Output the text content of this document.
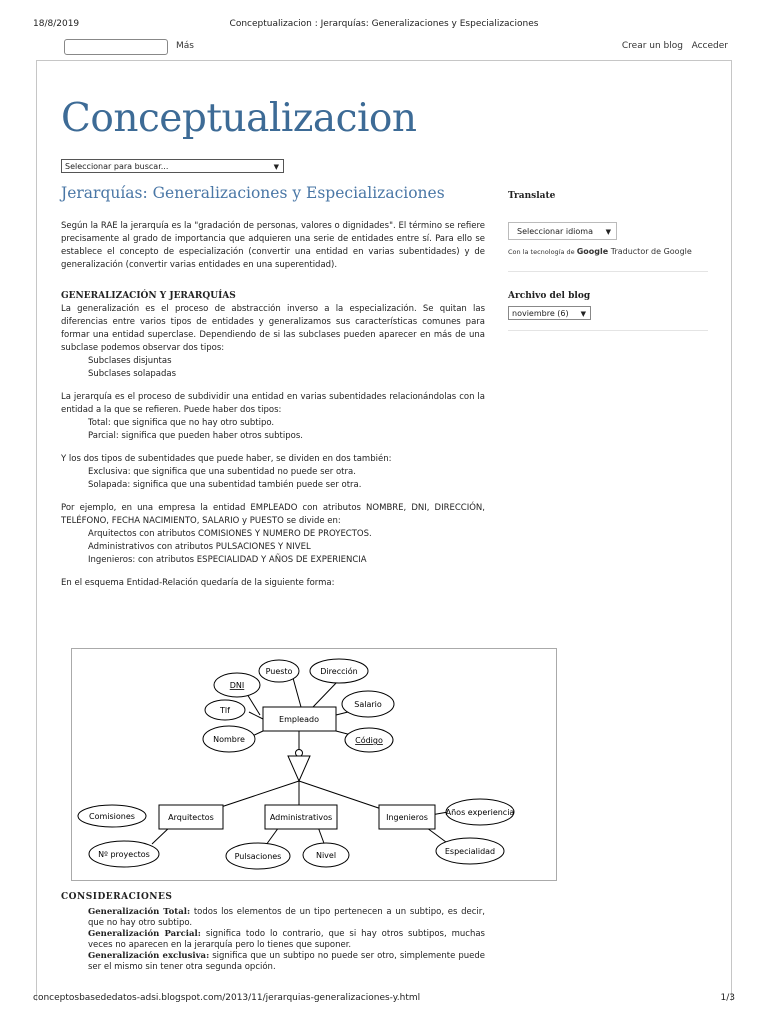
18/8/2019	Conceptualizacion : Jerarquías: Generalizaciones y Especializaciones
Más	Crear un blog Acceder
Conceptualizacion
Seleccionar para buscar...	▼
Jerarquías: Generalizaciones y Especializaciones

Según la RAE la jerarquía es la "gradación de personas, valores o dignidades". El término se refiere precisamente al grado de importancia que adquieren una serie de entidades entre sí. Para ello se establece el concepto de especialización (convertir una entidad en varias subentidades) y de generalización (convertir varias entidades en una superentidad).

GENERALIZACIÓN Y JERARQUÍAS

La generalización es el proceso de abstracción inverso a la especialización. Se quitan las diferencias entre varios tipos de entidades y generalizamos sus características comunes para formar una entidad superclase. Dependiendo de si las subclases pueden aparecer en más de una subclase podemos observar dos tipos:

Subclases disjuntas
Subclases solapadas

La jerarquía es el proceso de subdividir una entidad en varias subentidades relacionándolas con la entidad a la que se refieren. Puede haber dos tipos:

Total: que significa que no hay otro subtipo.
Parcial: significa que pueden haber otros subtipos.

Y los dos tipos de subentidades que puede haber, se dividen en dos también:

Exclusiva: que significa que una subentidad no puede ser otra.
Solapada: significa que una subentidad también puede ser otra.

Por ejemplo, en una empresa la entidad EMPLEADO con atributos NOMBRE, DNI, DIRECCIÓN, TELÉFONO, FECHA NACIMIENTO, SALARIO y PUESTO se divide en:

Arquitectos con atributos COMISIONES Y NUMERO DE PROYECTOS.
Administrativos con atributos PULSACIONES Y NIVEL
Ingenieros: con atributos ESPECIALIDAD Y AÑOS DE EXPERIENCIA

En el esquema Entidad-Relación quedaría de la siguiente forma:

Empleado
Arquitectos	Administrativos	Ingenieros
Puesto	Dirección
DNI
Tlf
Salario
Nombre	Código
Comisiones
Nº proyectos	Pulsaciones	Nivel
Años experiencia
Especialidad
CONSIDERACIONES
Generalización Total: todos los elementos de un tipo pertenecen a un subtipo, es decir, que no hay otro subtipo.
Generalización Parcial: significa todo lo contrario, que si hay otros subtipos, muchas veces no aparecen en la jerarquía pero lo tienes que suponer.
Generalización exclusiva: significa que un subtipo no puede ser otro, simplemente puede ser el mismo sin tener otra segunda opción.
Translate
Seleccionar idioma ▼
Con la tecnología de Google Traductor de Google
Archivo del blog
noviembre (6) ▼
conceptosbasededatos-adsi.blogspot.com/2013/11/jerarquias-generalizaciones-y.html	1/3
